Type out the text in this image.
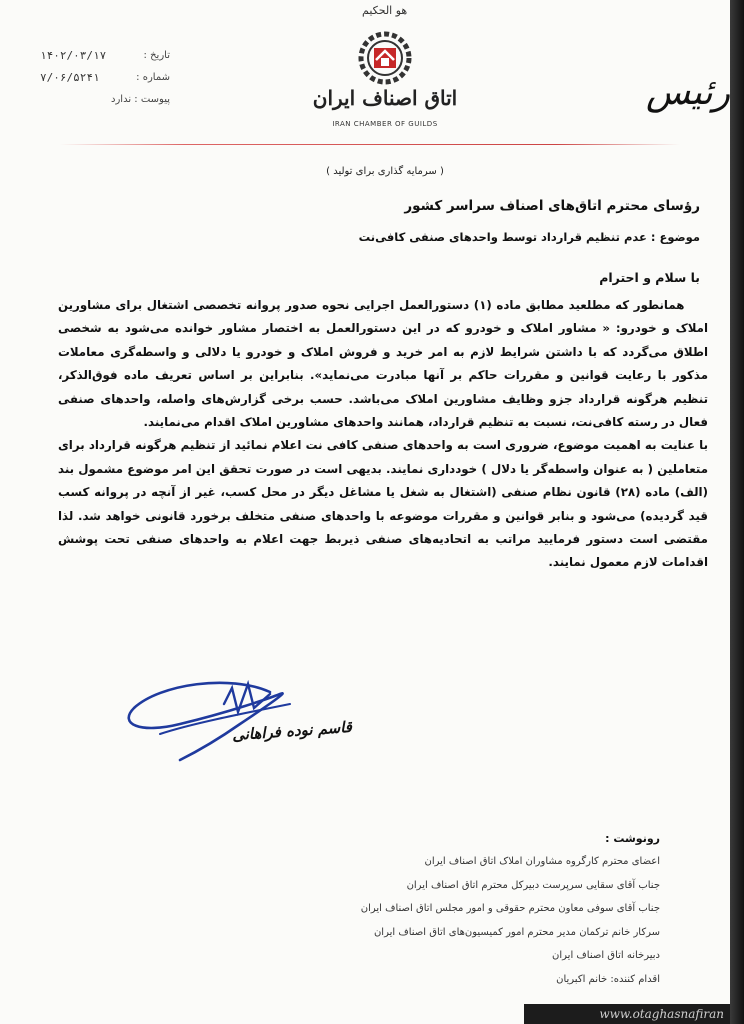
هو الحکیم
اتاق اصناف ایران
IRAN CHAMBER OF GUILDS
تاریخ :
۱۴۰۲/۰۳/۱۷
شماره :
۷/۰۶/۵۲۴۱
پیوست : ندارد	رئیس
( سرمایه گذاری برای تولید )
رؤسای محترم اتاق‌های اصناف سراسر کشور
موضوع : عدم تنظیم قرارداد توسط واحدهای صنفی کافی‌نت
با سلام و احترام

همانطور که مطلعید مطابق ماده (۱) دستورالعمل اجرایی نحوه صدور پروانه تخصصی اشتغال برای مشاورین املاک و خودرو: « مشاور املاک و خودرو که در این دستورالعمل به اختصار مشاور خوانده می‌شود به شخصی اطلاق می‌گردد که با داشتن شرایط لازم به امر خرید و فروش املاک و خودرو یا دلالی و واسطه‌گری معاملات مذکور با رعایت قوانین و مقررات حاکم بر آنها مبادرت می‌نماید». بنابراین بر اساس تعریف ماده فوق‌الذکر، تنظیم هرگونه قرارداد جزو وظایف مشاورین املاک می‌باشد. حسب برخی گزارش‌های واصله، واحدهای صنفی فعال در رسته کافی‌نت، نسبت به تنظیم قرارداد، همانند واحدهای مشاورین املاک اقدام می‌نمایند.

با عنایت به اهمیت موضوع، ضروری است به واحدهای صنفی کافی نت اعلام نمائید از تنظیم هرگونه قرارداد برای متعاملین ( به عنوان واسطه‌گر یا دلال ) خودداری نمایند. بدیهی است در صورت تحقق این امر موضوع مشمول بند (الف) ماده (۲۸) قانون نظام صنفی (اشتغال به شغل یا مشاغل دیگر در محل کسب، غیر از آنچه در پروانه کسب قید گردیده) می‌شود و بنابر قوانین و مقررات موضوعه با واحدهای صنفی متخلف برخورد قانونی خواهد شد. لذا مقتضی است دستور فرمایید مراتب به اتحادیه‌های صنفی ذیربط جهت اعلام به واحدهای صنفی تحت پوشش اقدامات لازم معمول نمایند.

قاسم نوده فراهانی
رونوشت :
اعضای محترم کارگروه مشاوران املاک اتاق اصناف ایران
جناب آقای سقایی سرپرست دبیرکل محترم اتاق اصناف ایران
جناب آقای سوفی معاون محترم حقوقی و امور مجلس اتاق اصناف ایران
سرکار خانم ترکمان مدیر محترم امور کمیسیون‌های اتاق اصناف ایران
دبیرخانه اتاق اصناف ایران
اقدام کننده: خانم اکبریان
www.otaghasnafiran
